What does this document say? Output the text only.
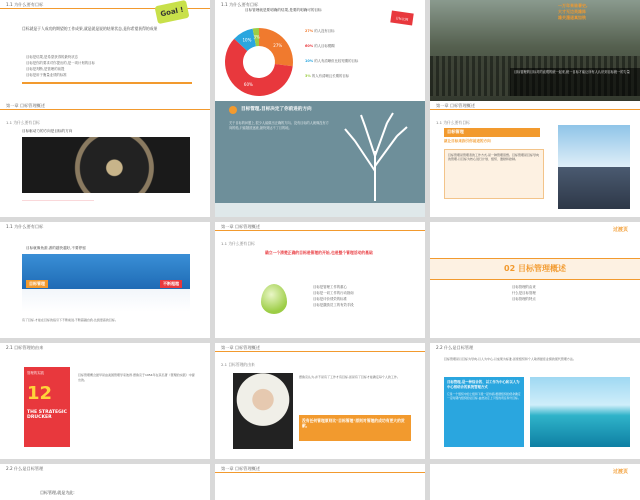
1.1 为什么要有目标
Goal !
目标就是于人成功的期望的工作成果,就是就是说的结果状态,是你希望获得的成果
目标是结果,是希望获得的最终状态
目标是你的要求对你提出的,是一项计划的目标
目标是判断,是管理的前提
目标是用于衡量业绩的标准
1.1 为什么要有目标
目标管理就是要明确的结果,是要的明确可的目标
目标比例
27%
60%
10%
3%
27% 的人没有目标
60% 的人目标模糊
10% 的人有清晰但比较短期的目标
3% 的人有清晰且长期的目标
一万年来谁著史,
大才无边英雄阵
雄关漫道真如铁
目标管理的目标对的直观的统一起来,统一目标才能让所有人认识到目标统一的力量
第一章 目标管理概述
1.1 为什么要有目标
目标驱动力的方向是目标的方向
________________________________________________
目标管理,目标决定了你前进的方向
关于目标的问题上,很少人能做出正确的方向。没有目标的人就像没有方向的船,只能随波逐流,最终到达不了目的地。
第一章 目标管理概述
1.1 为什么要有目标
目标管理
就让目标来指引你前进的方向
目标管理是管理者的工作方式,是一种管理思想。目标管理是目标导向的管理,以目标为核心进行计划、组织、激励和控制。
1.1 为什么要有目标
目标就像鱼游,游的越快越好,不要停留
目标管理	不断超越
有了目标,才能在目标的指引下不断前进,不断超越自我,达到更高的目标。
第一章 目标管理概述
1.1 为什么要有目标
确立一个清楚正确的目标是管理的开始,也是整个管理活动的基础
目标是管理工作的重心
目标是一切工作的行动指南
目标是评价绩效的标准
目标是激励员工的有效手段
过渡页
02 目标管理概述
目标管理的由来
什么是目标管理
目标管理的特点
2.1 目标管理的由来
管理的实践
12
THE STRATEGIC
DRUCKER
目标管理概念最早是由美国管理学家彼得·德鲁克于1954年在其名著《管理的实践》中提出的。
第一章 目标管理概述
2.1 目标管理的由来
德鲁克认为,并不是有了工作才有目标,而是有了目标才能确定每个人的工作。
没有任何管理原则比"目标管理"原则对管理的成功有更大的贡献。
2.2 什么是目标管理
目标管理是以目标为导向,以人为中心,以成果为标准,而使组织和个人取得最佳业绩的现代管理方法。
目标管理,是一种综合的、以工作为中心和以人为中心相结合的系统管理方式
它是一个组织中的上级和下级一起协商,根据组织的使命确定一定时期内组织的总目标,由此决定上下级的责任和分目标。
2.2 什么是目标管理
目标管理,就是为此:
第一章 目标管理概述
过渡页
